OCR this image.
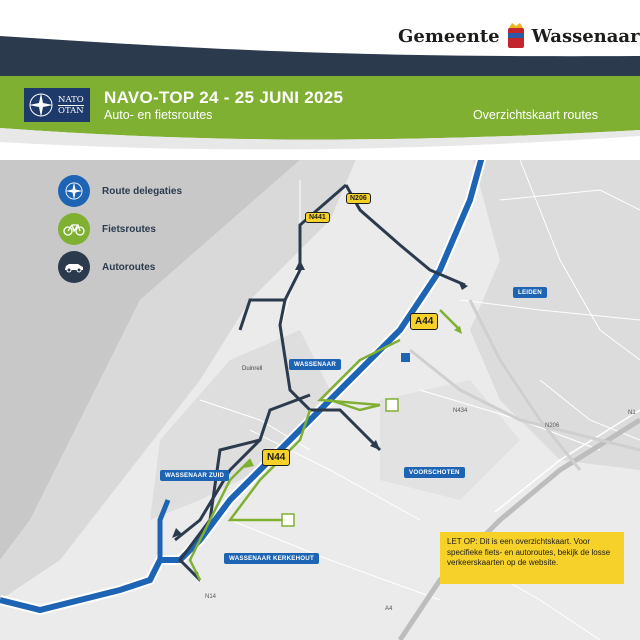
Gemeente Wassenaar
NATO
OTAN
NAVO-TOP 24 - 25 JUNI 2025
Auto- en fietsroutes	Overzichtskaart routes
Route delegaties
Fietsroutes
Autoroutes
N206
N441
A44
N44
LEIDEN
WASSENAAR
VOORSCHOTEN
WASSENAAR ZUID
WASSENAAR KERKEHOUT
Duinrell
N434
N206
N14
A4
N1
LET OP: Dit is een overzichtskaart. Voor specifieke fiets- en autoroutes, bekijk de losse verkeerskaarten op de website.
